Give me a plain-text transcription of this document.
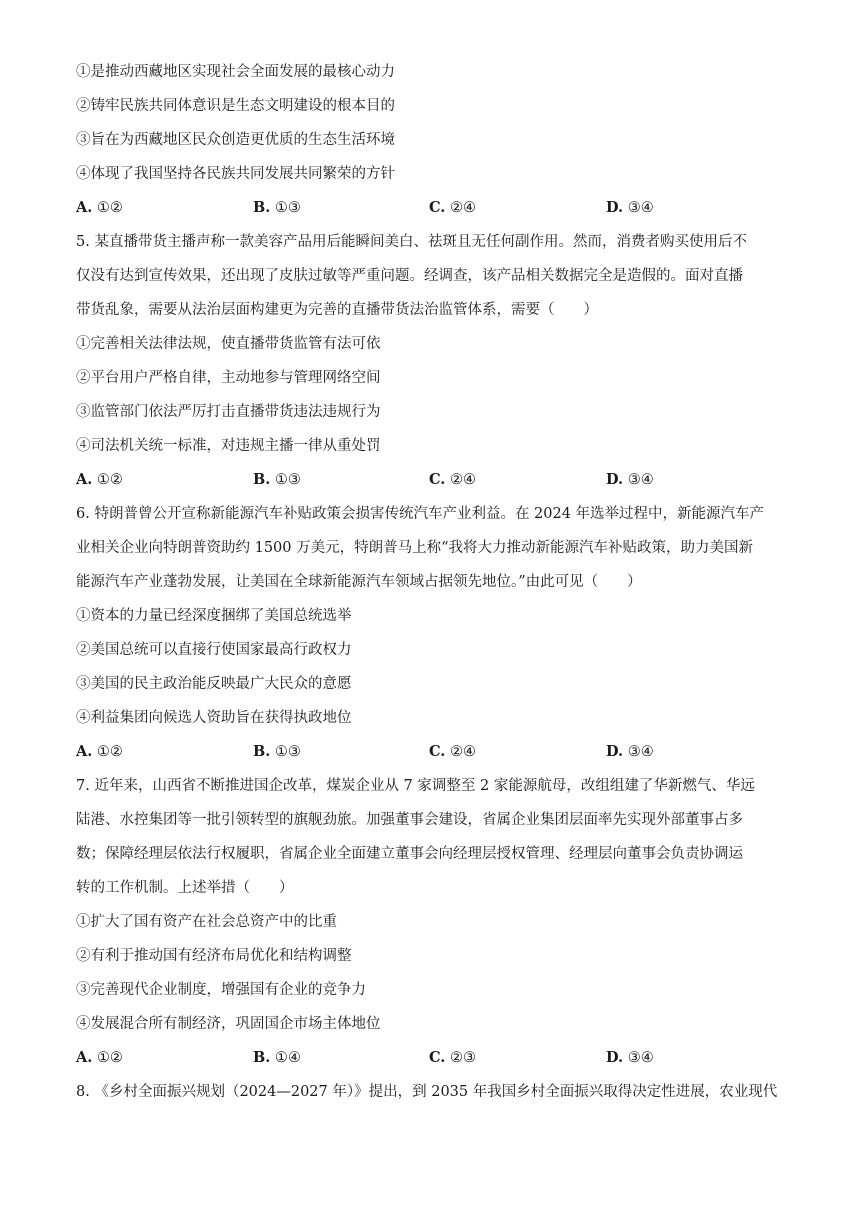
①是推动西藏地区实现社会全面发展的最核心动力
②铸牢民族共同体意识是生态文明建设的根本目的
③旨在为西藏地区民众创造更优质的生态生活环境
④体现了我国坚持各民族共同发展共同繁荣的方针
A. ①②	B. ①③	C. ②④	D. ③④
5. 某直播带货主播声称一款美容产品用后能瞬间美白、祛斑且无任何副作用。然而，消费者购买使用后不
仅没有达到宣传效果，还出现了皮肤过敏等严重问题。经调查，该产品相关数据完全是造假的。面对直播
带货乱象，需要从法治层面构建更为完善的直播带货法治监管体系，需要（　　）
①完善相关法律法规，使直播带货监管有法可依
②平台用户严格自律，主动地参与管理网络空间
③监管部门依法严厉打击直播带货违法违规行为
④司法机关统一标准，对违规主播一律从重处罚
A. ①②	B. ①③	C. ②④	D. ③④
6. 特朗普曾公开宣称新能源汽车补贴政策会损害传统汽车产业利益。在 2024 年选举过程中，新能源汽车产
业相关企业向特朗普资助约 1500 万美元，特朗普马上称“我将大力推动新能源汽车补贴政策，助力美国新
能源汽车产业蓬勃发展，让美国在全球新能源汽车领域占据领先地位。”由此可见（　　）
①资本的力量已经深度捆绑了美国总统选举
②美国总统可以直接行使国家最高行政权力
③美国的民主政治能反映最广大民众的意愿
④利益集团向候选人资助旨在获得执政地位
A. ①②	B. ①③	C. ②④	D. ③④
7. 近年来，山西省不断推进国企改革，煤炭企业从 7 家调整至 2 家能源航母，改组组建了华新燃气、华远
陆港、水控集团等一批引领转型的旗舰劲旅。加强董事会建设，省属企业集团层面率先实现外部董事占多
数；保障经理层依法行权履职，省属企业全面建立董事会向经理层授权管理、经理层向董事会负责协调运
转的工作机制。上述举措（　　）
①扩大了国有资产在社会总资产中的比重
②有利于推动国有经济布局优化和结构调整
③完善现代企业制度，增强国有企业的竞争力
④发展混合所有制经济，巩固国企市场主体地位
A. ①②	B. ①④	C. ②③	D. ③④
8. 《乡村全面振兴规划（2024—2027 年）》提出，到 2035 年我国乡村全面振兴取得决定性进展，农业现代
